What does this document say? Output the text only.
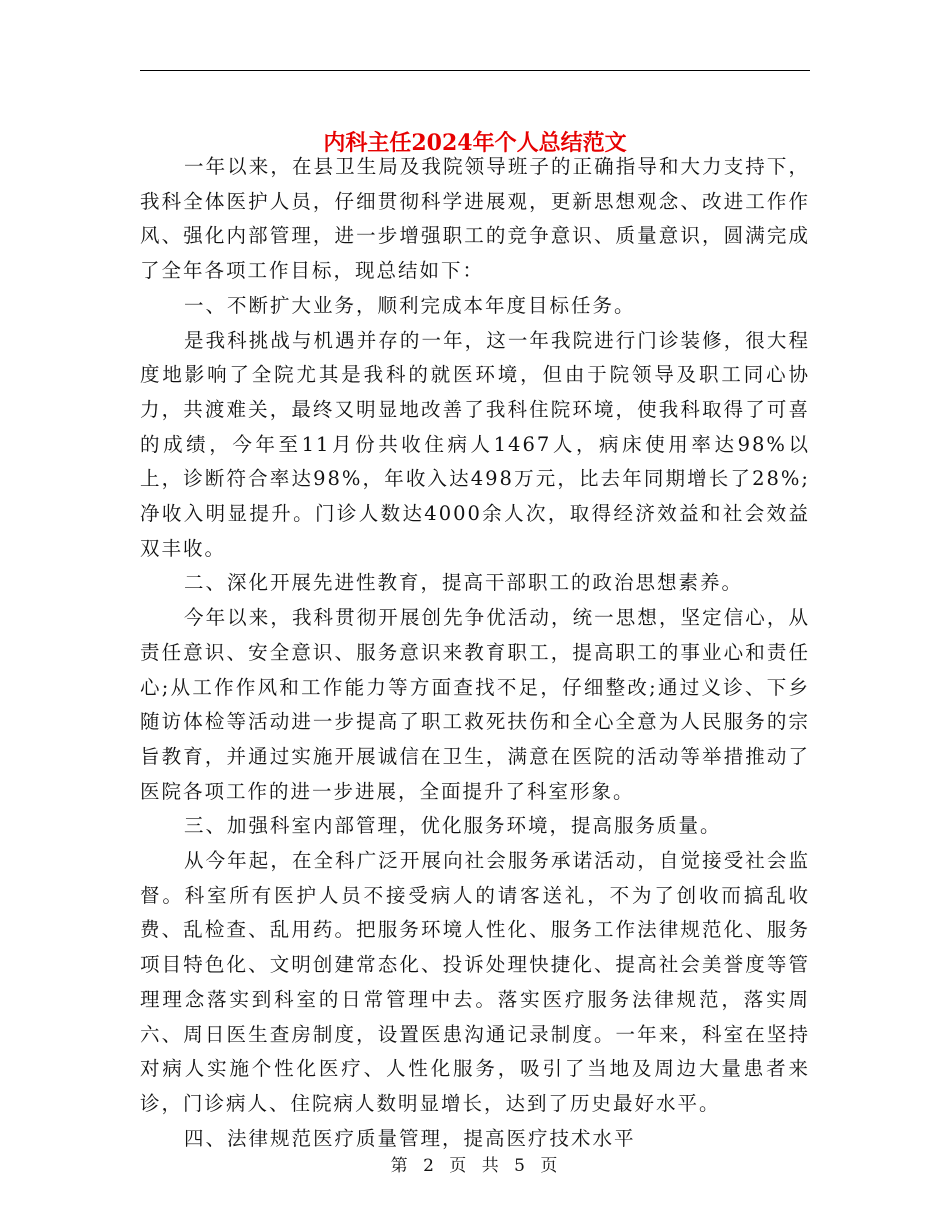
内科主任2024年个人总结范文

一年以来，在县卫生局及我院领导班子的正确指导和大力支持下，我科全体医护人员，仔细贯彻科学进展观，更新思想观念、改进工作作风、强化内部管理，进一步增强职工的竞争意识、质量意识，圆满完成了全年各项工作目标，现总结如下：

一、不断扩大业务，顺利完成本年度目标任务。

是我科挑战与机遇并存的一年，这一年我院进行门诊装修，很大程度地影响了全院尤其是我科的就医环境，但由于院领导及职工同心协力，共渡难关，最终又明显地改善了我科住院环境，使我科取得了可喜的成绩，今年至11月份共收住病人1467人，病床使用率达98%以上，诊断符合率达98%，年收入达498万元，比去年同期增长了28%;净收入明显提升。门诊人数达4000余人次，取得经济效益和社会效益双丰收。

二、深化开展先进性教育，提高干部职工的政治思想素养。

今年以来，我科贯彻开展创先争优活动，统一思想，坚定信心，从责任意识、安全意识、服务意识来教育职工，提高职工的事业心和责任心;从工作作风和工作能力等方面查找不足，仔细整改;通过义诊、下乡随访体检等活动进一步提高了职工救死扶伤和全心全意为人民服务的宗旨教育，并通过实施开展诚信在卫生，满意在医院的活动等举措推动了医院各项工作的进一步进展，全面提升了科室形象。

三、加强科室内部管理，优化服务环境，提高服务质量。

从今年起，在全科广泛开展向社会服务承诺活动，自觉接受社会监督。科室所有医护人员不接受病人的请客送礼，不为了创收而搞乱收费、乱检查、乱用药。把服务环境人性化、服务工作法律规范化、服务项目特色化、文明创建常态化、投诉处理快捷化、提高社会美誉度等管理理念落实到科室的日常管理中去。落实医疗服务法律规范，落实周六、周日医生查房制度，设置医患沟通记录制度。一年来，科室在坚持对病人实施个性化医疗、人性化服务，吸引了当地及周边大量患者来诊，门诊病人、住院病人数明显增长，达到了历史最好水平。

四、法律规范医疗质量管理，提高医疗技术水平

第 2 页 共 5 页
